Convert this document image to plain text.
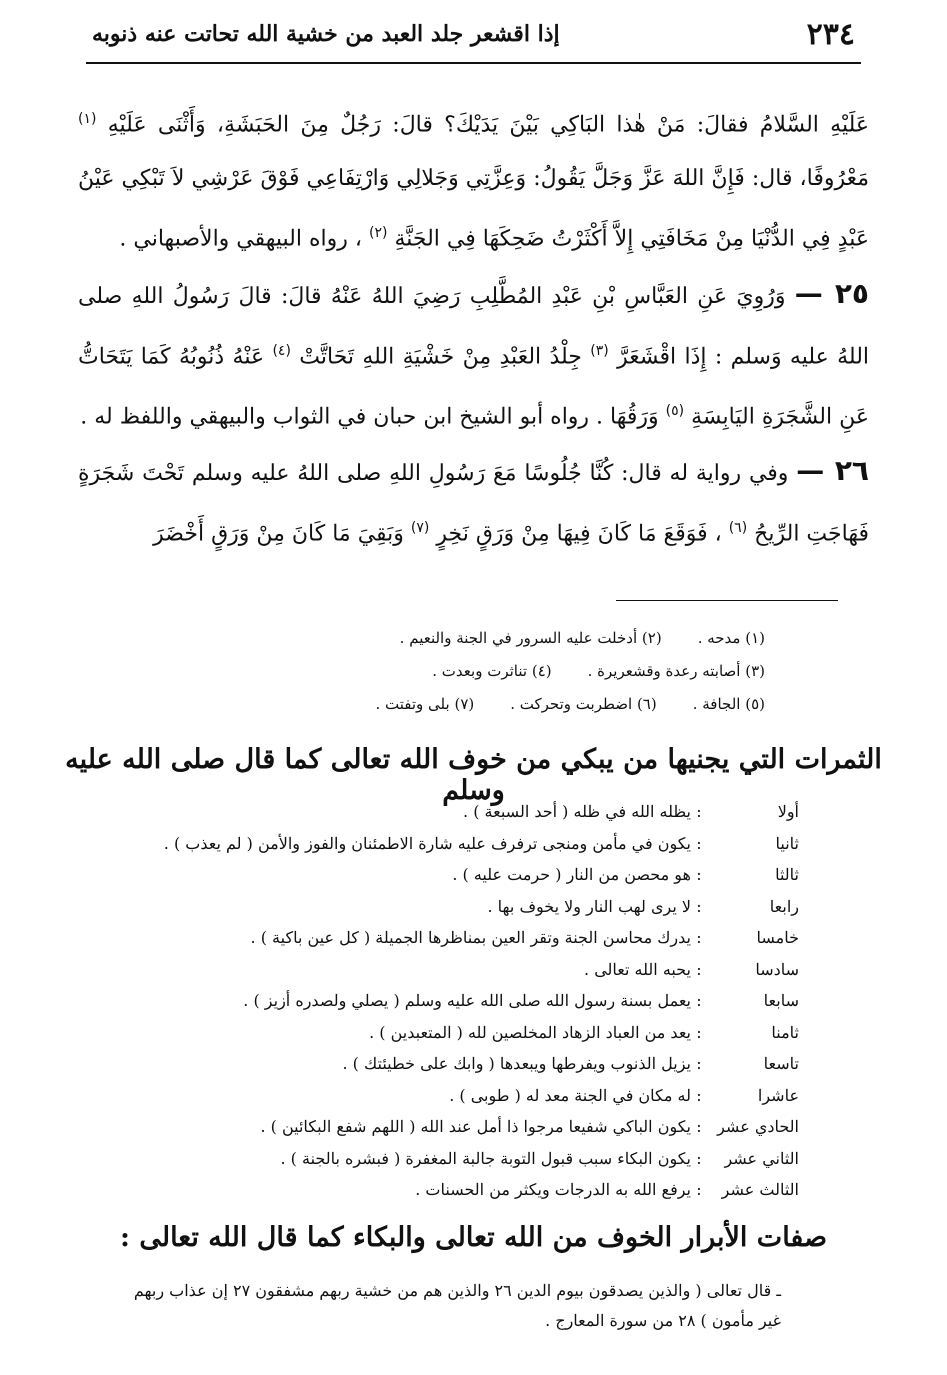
٢٣٤
إذا اقشعر جلد العبد من خشية الله تحاتت عنه ذنوبه

عَلَيْهِ السَّلامُ فقالَ: مَنْ هٰذا البَاكِي بَيْنَ يَدَيْكَ؟ قالَ: رَجُلٌ مِنَ الحَبَشَةِ، وَأَثْنَى عَلَيْهِ $^{(١)}$ مَعْرُوفًا، قال: فَإِنَّ اللهَ عَزَّ وَجَلَّ يَقُولُ: وَعِزَّتِي وَجَلالِي وَارْتِفَاعِي فَوْقَ عَرْشِي لاَ تَبْكِي عَيْنُ عَبْدٍ فِي الدُّنْيَا مِنْ مَخَافَتِي إِلاَّ أَكْثَرْتُ ضَحِكَهَا فِي الجَنَّةِ $^{(٢)}$ ، رواه البيهقي والأصبهاني .

٢٥ — وَرُوِيَ عَنِ العَبَّاسِ بْنِ عَبْدِ المُطَّلِبِ رَضِيَ اللهُ عَنْهُ قالَ: قالَ رَسُولُ اللهِ صلى اللهُ عليه وَسلم : إِذَا اقْشَعَرَّ $^{(٣)}$ جِلْدُ العَبْدِ مِنْ خَشْيَةِ اللهِ تَحَاتَّتْ $^{(٤)}$ عَنْهُ ذُنُوبُهُ كَمَا يَتَحَاتُّ عَنِ الشَّجَرَةِ اليَابِسَةِ $^{(٥)}$ وَرَقُهَا . رواه أبو الشيخ ابن حبان في الثواب والبيهقي واللفظ له .

٢٦ — وفي رواية له قال: كُنَّا جُلُوسًا مَعَ رَسُولِ اللهِ صلى اللهُ عليه وسلم تَحْتَ شَجَرَةٍ فَهَاجَتِ الرِّيحُ $^{(٦)}$ ، فَوَقَعَ مَا كَانَ فِيهَا مِنْ وَرَقٍ نَخِرٍ $^{(٧)}$ وَبَقِيَ مَا كَانَ مِنْ وَرَقٍ أَخْضَرَ

(١) مدحه .
(٢) أدخلت عليه السرور في الجنة والنعيم .
(٣) أصابته رعدة وقشعريرة .
(٤) تناثرت وبعدت .
(٥) الجافة .
(٦) اضطربت وتحركت .
(٧) بلى وتفتت .
الثمرات التي يجنيها من يبكي من خوف الله تعالى كما قال صلى الله عليه وسلم
أولا
:
يظله الله في ظله ( أحد السبعة ) .
ثانيا
:
يكون في مأمن ومنجى ترفرف عليه شارة الاطمئنان والفوز والأمن ( لم يعذب ) .
ثالثا
:
هو محصن من النار ( حرمت عليه ) .
رابعا
:
لا يرى لهب النار ولا يخوف بها .
خامسا
:
يدرك محاسن الجنة وتقر العين بمناظرها الجميلة ( كل عين باكية ) .
سادسا
:
يحبه الله تعالى .
سابعا
:
يعمل بسنة رسول الله صلى الله عليه وسلم ( يصلي ولصدره أزيز ) .
ثامنا
:
يعد من العباد الزهاد المخلصين لله ( المتعبدين ) .
تاسعا
:
يزيل الذنوب ويفرطها ويبعدها ( وابك على خطيئتك ) .
عاشرا
:
له مكان في الجنة معد له ( طوبى ) .
الحادي عشر
:
يكون الباكي شفيعا مرجوا ذا أمل عند الله ( اللهم شفع البكائين ) .
الثاني عشر
:
يكون البكاء سبب قبول التوبة جالبة المغفرة ( فبشره بالجنة ) .
الثالث عشر
:
يرفع الله به الدرجات ويكثر من الحسنات .
صفات الأبرار الخوف من الله تعالى والبكاء كما قال الله تعالى :
ـ قال تعالى ( والذين يصدقون بيوم الدين ٢٦ والذين هم من خشية ربهم مشفقون ٢٧ إن عذاب ربهم
غير مأمون ) ٢٨ من سورة المعارج .
